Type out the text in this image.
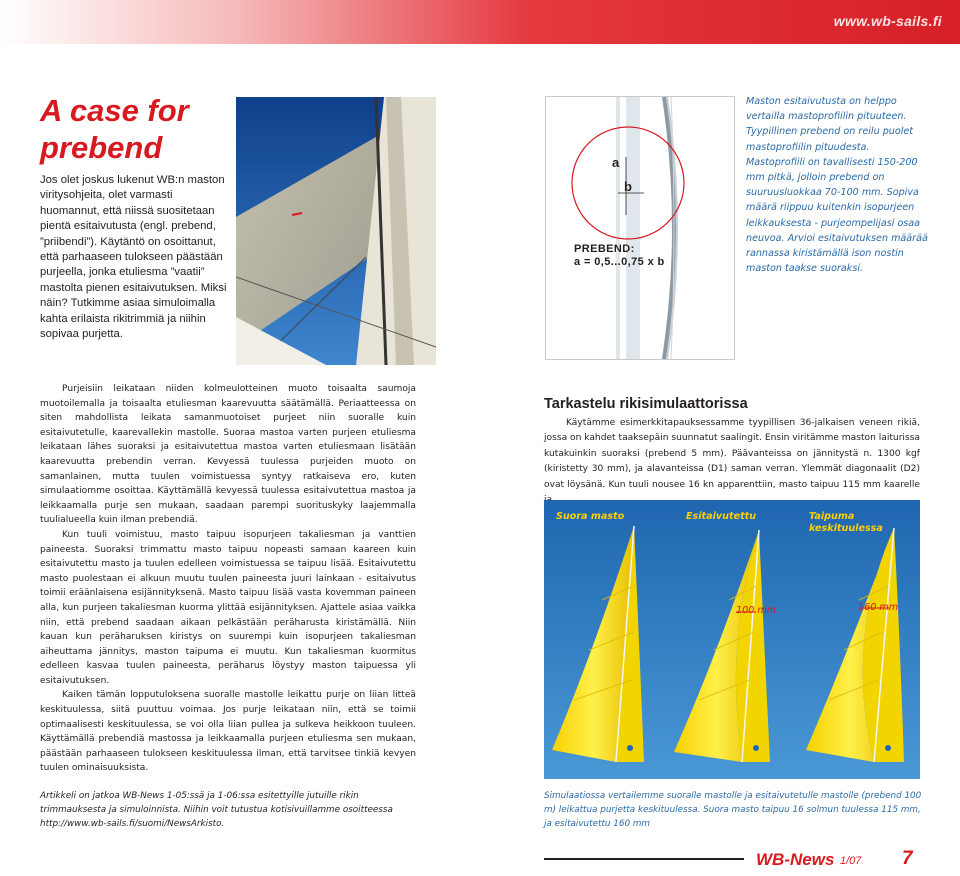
www.wb-sails.fi
A case for prebend
Jos olet joskus lukenut WB:n maston viritysohjeita, olet varmasti huomannut, että niissä suositetaan pientä esitaivutusta (engl. prebend, ”priibendi”). Käytäntö on osoittanut, että parhaaseen tulokseen päästään purjeella, jonka etuliesma ”vaatii” mastolta pienen esitaivutuksen. Miksi näin? Tutkimme asiaa simuloimalla kahta erilaista rikitrimmiä ja niihin sopivaa purjetta.
a
b
PREBEND:
a = 0,5...0,75 x b
Maston esitaivutusta on helppo vertailla mastoprofiilin pituuteen. Tyypillinen prebend on reilu puolet mastoprofiilin pituudesta. Mastoprofiili on tavallisesti 150-200 mm pitkä, jolloin prebend on suuruusluokkaa 70-100 mm. Sopiva määrä riippuu kuitenkin isopurjeen leikkauksesta - purjeompelijasi osaa neuvoa. Arvioi esitaivutuksen määrää rannassa kiristämällä ison nostin maston taakse suoraksi.

Purjeisiin leikataan niiden kolmeulotteinen muoto toisaalta saumoja muotoilemalla ja toisaalta etuliesman kaarevuutta säätämällä. Periaatteessa on siten mahdollista leikata samanmuotoiset purjeet niin suoralle kuin esitaivutetulle, kaarevallekin mastolle. Suoraa mastoa varten purjeen etuliesma leikataan lähes suoraksi ja esitaivutettua mastoa varten etuliesmaan lisätään kaarevuutta prebendin verran. Kevyessä tuulessa purjeiden muoto on samanlainen, mutta tuulen voimistuessa syntyy ratkaiseva ero, kuten simulaatiomme osoittaa. Käyttämällä kevyessä tuulessa esitaivutettua mastoa ja leikkaamalla purje sen mukaan, saadaan parempi suorituskyky laajemmalla tuulialueella kuin ilman prebendiä.

Kun tuuli voimistuu, masto taipuu isopurjeen takaliesman ja vanttien paineesta. Suoraksi trimmattu masto taipuu nopeasti samaan kaareen kuin esitaivutettu masto ja tuulen edelleen voimistuessa se taipuu lisää. Esitaivutettu masto puolestaan ei alkuun muutu tuulen paineesta juuri lainkaan - esitaivutus toimii eräänlaisena esijännityksenä. Masto taipuu lisää vasta kovemman paineen alla, kun purjeen takaliesman kuorma ylittää esijännityksen. Ajattele asiaa vaikka niin, että prebend saadaan aikaan pelkästään peräharusta kiristämällä. Niin kauan kun peräharuksen kiristys on suurempi kuin isopurjeen takaliesman aiheuttama jännitys, maston taipuma ei muutu. Kun takaliesman kuormitus edelleen kasvaa tuulen paineesta, peräharus löystyy maston taipuessa yli esitaivutuksen.

Kaiken tämän lopputuloksena suoralle mastolle leikattu purje on liian litteä keskituulessa, siitä puuttuu voimaa. Jos purje leikataan niin, että se toimii optimaalisesti keskituulessa, se voi olla liian pullea ja sulkeva heikkoon tuuleen. Käyttämällä prebendiä mastossa ja leikkaamalla purjeen etuliesma sen mukaan, päästään parhaaseen tulokseen keskituulessa ilman, että tarvitsee tinkiä kevyen tuulen ominaisuuksista.

Tarkastelu rikisimulaattorissa
Käytämme esimerkkitapauksessamme tyypillisen 36-jalkaisen veneen rikiä, jossa on kahdet taaksepäin suunnatut saalingit. Ensin viritämme maston laiturissa kutakuinkin suoraksi (prebend 5 mm). Päävanteissa on jännitystä n. 1300 kgf (kiristetty 30 mm), ja alavanteissa (D1) saman verran. Ylemmät diagonaalit (D2) ovat löysänä. Kun tuuli nousee 16 kn apparenttiin, masto taipuu 115 mm kaarelle
Suora masto	Esitaivutettu	Taipuma
keskituulessa
100 mm	160 mm
Artikkeli on jatkoa WB-News 1-05:ssä ja 1-06:ssa esitettyille jutuille rikin trimmauksesta ja simuloinnista. Niihin voit tutustua kotisivuillamme osoitteessa http://www.wb-sails.fi/suomi/NewsArkisto.
Simulaatiossa vertailemme suoralle mastolle ja esitaivutetulle mastolle (prebend 100 m) leikattua purjetta keskituulessa. Suora masto taipuu 16 solmun tuulessa 115 mm, ja esitaivutettu 160 mm
WB-News 1/07 7
